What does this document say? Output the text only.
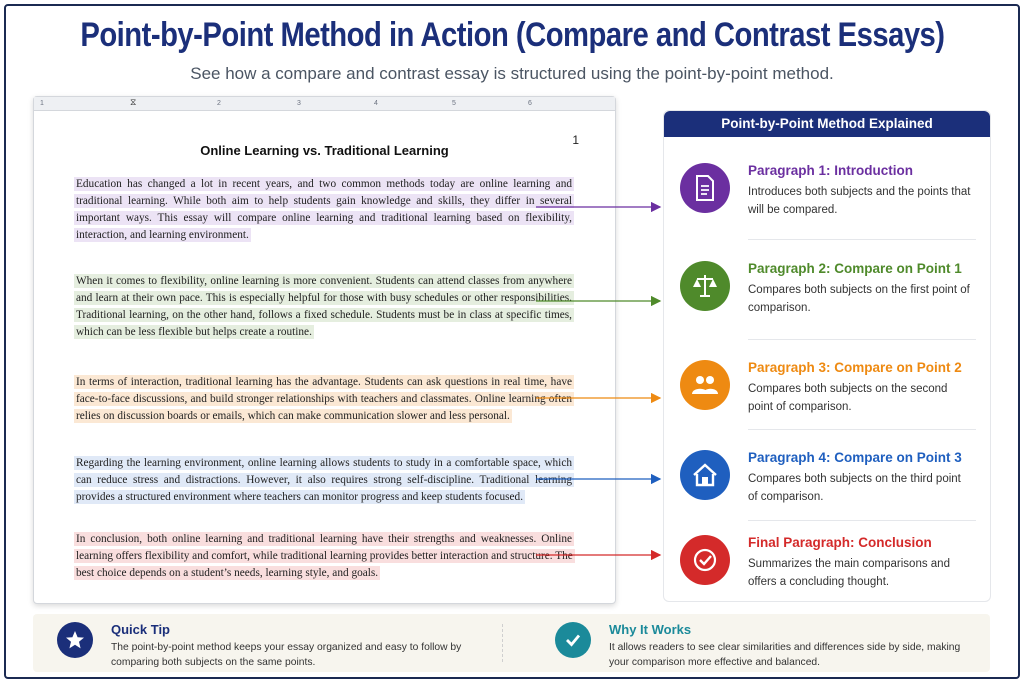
Point-by-Point Method in Action (Compare and Contrast Essays)
See how a compare and contrast essay is structured using the point-by-point method.
1	⧖	2	3	4	5	6
1
Online Learning vs. Traditional Learning
Education has changed a lot in recent years, and two common methods today are online learning and traditional learning. While both aim to help students gain knowledge and skills, they differ in several important ways. This essay will compare online learning and traditional learning based on flexibility, interaction, and learning environment.
When it comes to flexibility, online learning is more convenient. Students can attend classes from anywhere and learn at their own pace. This is especially helpful for those with busy schedules or other responsibilities. Traditional learning, on the other hand, follows a fixed schedule. Students must be in class at specific times, which can be less flexible but helps create a routine.
In terms of interaction, traditional learning has the advantage. Students can ask questions in real time, have face-to-face discussions, and build stronger relationships with teachers and classmates. Online learning often relies on discussion boards or emails, which can make communication slower and less personal.
Regarding the learning environment, online learning allows students to study in a comfortable space, which can reduce stress and distractions. However, it also requires strong self-discipline. Traditional learning provides a structured environment where teachers can monitor progress and keep students focused.
In conclusion, both online learning and traditional learning have their strengths and weaknesses. Online learning offers flexibility and comfort, while traditional learning provides better interaction and structure. The best choice depends on a student’s needs, learning style, and goals.
Point-by-Point Method Explained
Paragraph 1: Introduction

Introduces both subjects and the points that will be compared.

Paragraph 2: Compare on Point 1

Compares both subjects on the first point of comparison.

Paragraph 3: Compare on Point 2

Compares both subjects on the second point of comparison.

Paragraph 4: Compare on Point 3

Compares both subjects on the third point of comparison.

Final Paragraph: Conclusion

Summarizes the main comparisons and offers a concluding thought.

Quick Tip

The point-by-point method keeps your essay organized and easy to follow by comparing both subjects on the same points.

Why It Works

It allows readers to see clear similarities and differences side by side, making your comparison more effective and balanced.
